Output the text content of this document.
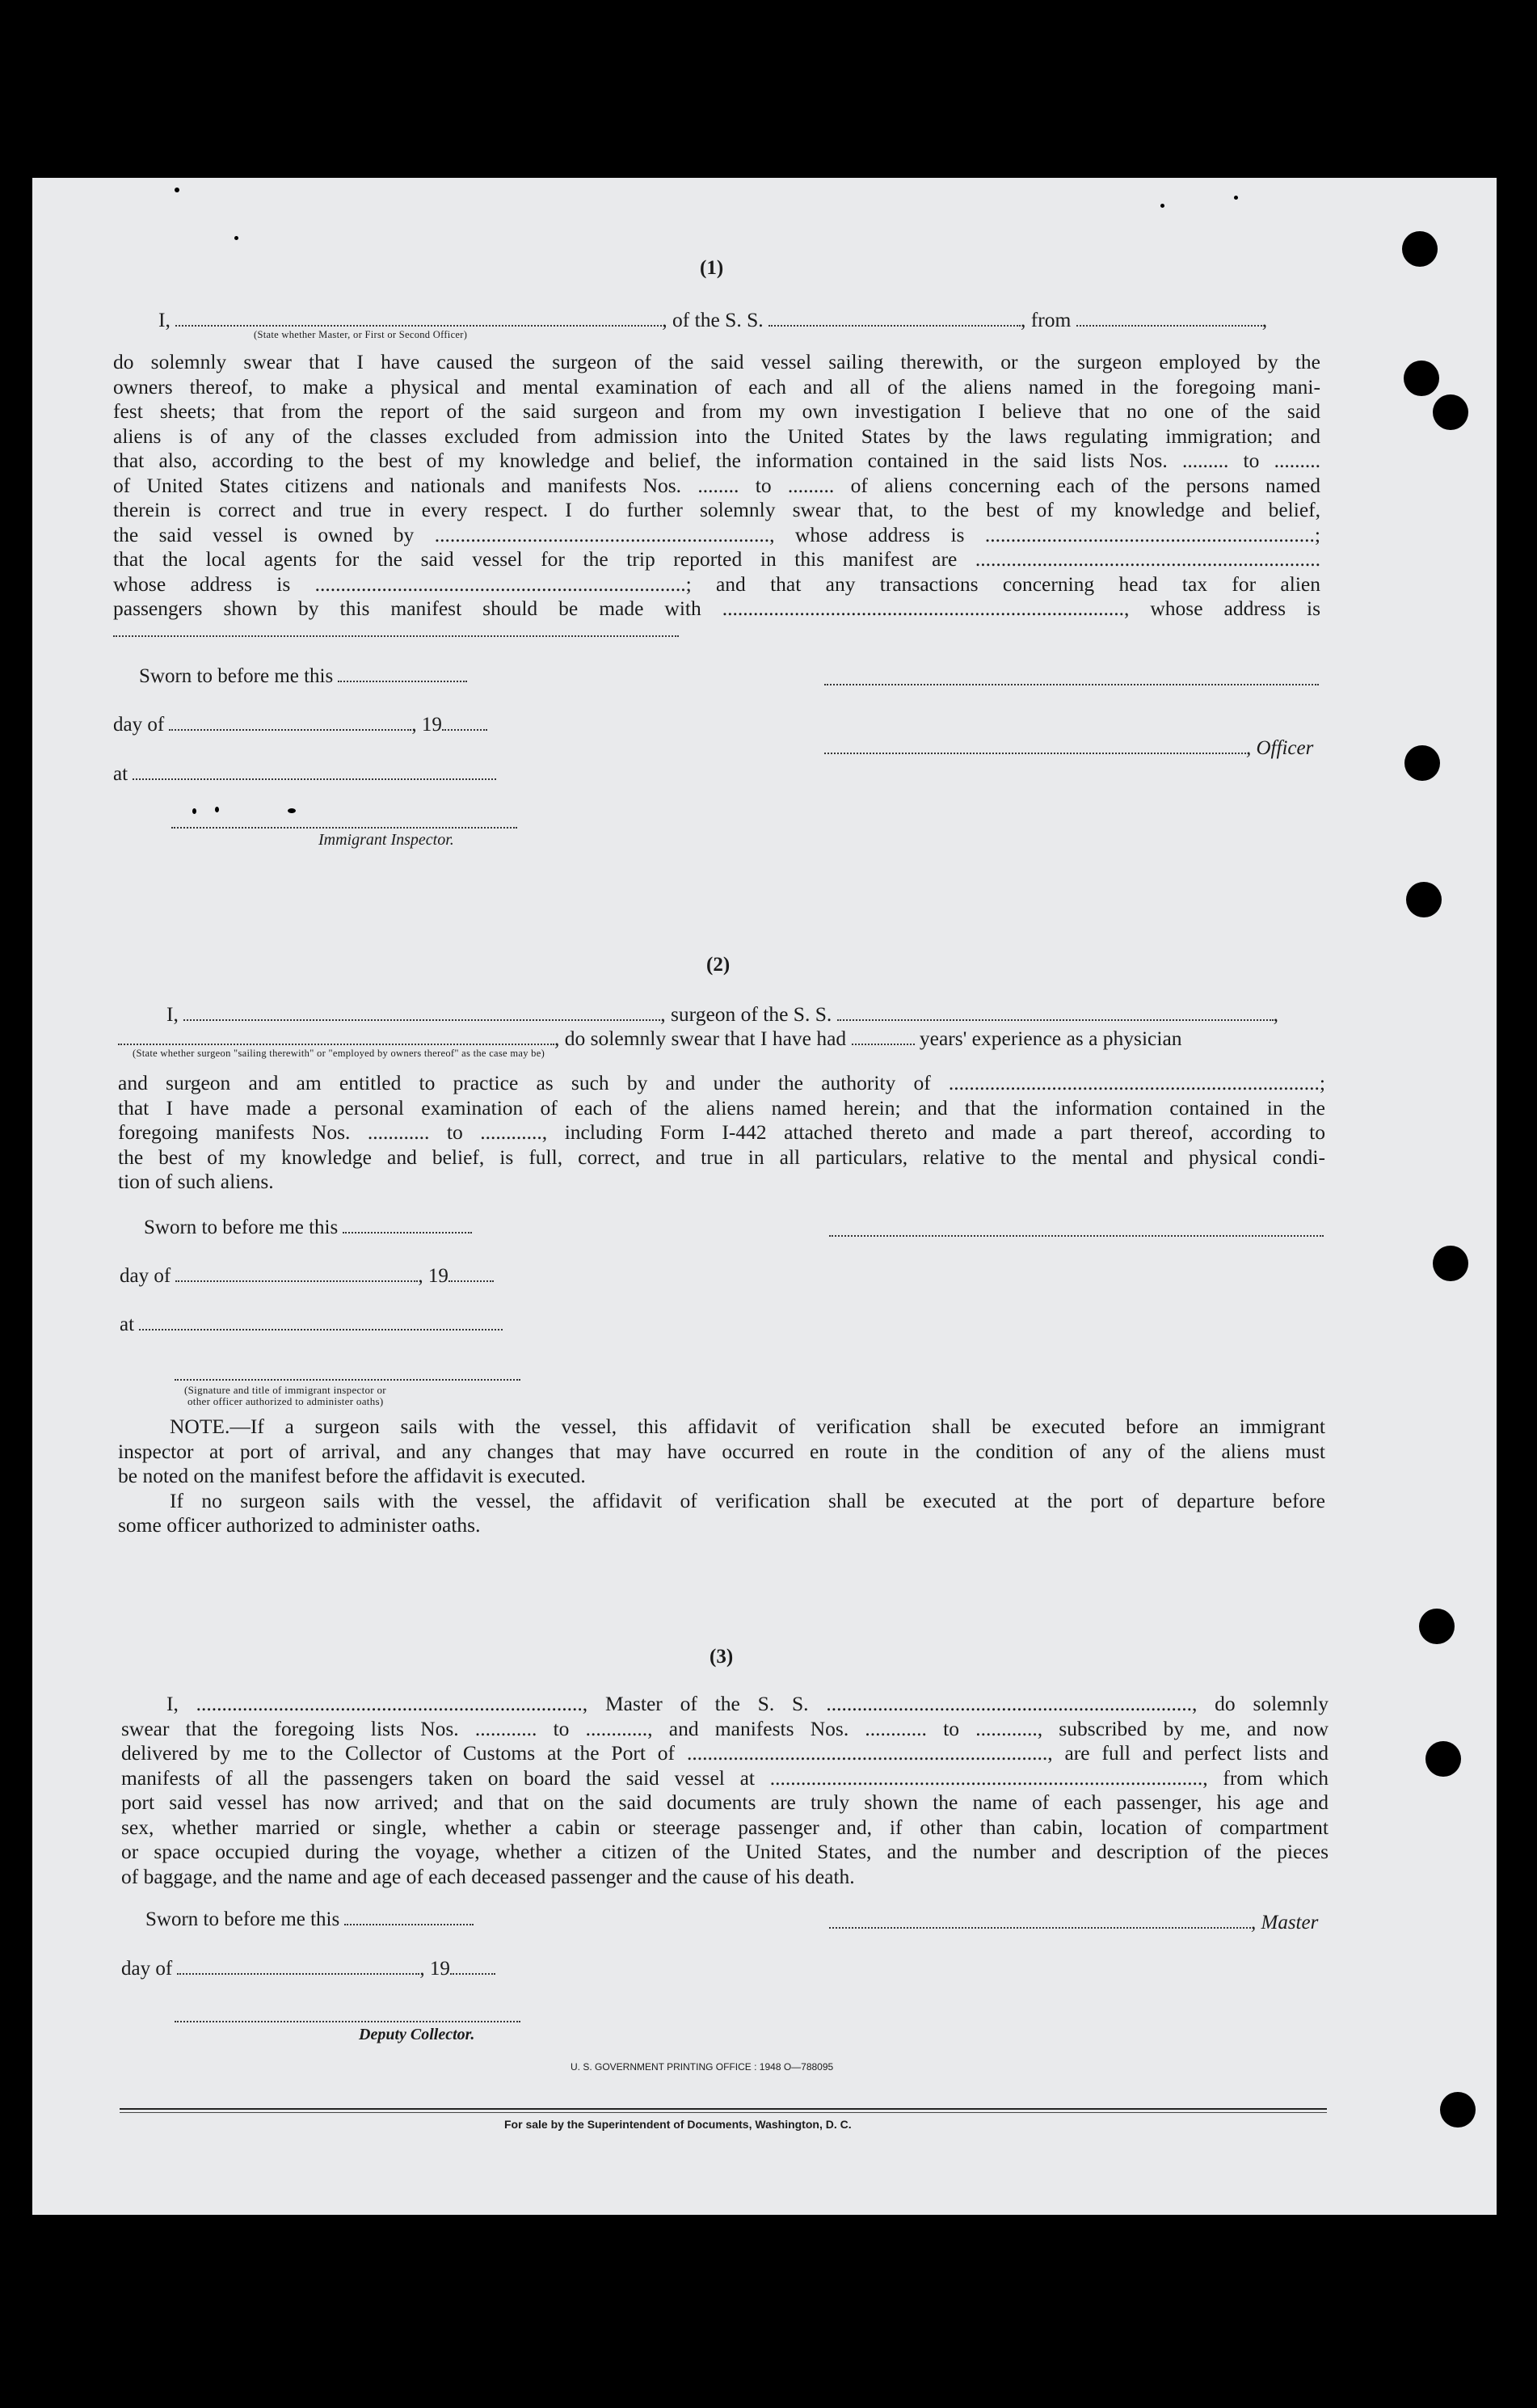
(1)
I,	, of the S. S.	, from	,
(State whether Master, or First or Second Officer)
do solemnly swear that I have caused the surgeon of the said vessel sailing therewith, or the surgeon employed by the
owners thereof, to make a physical and mental examination of each and all of the aliens named in the foregoing mani-
fest sheets; that from the report of the said surgeon and from my own investigation I believe that no one of the said
aliens is of any of the classes excluded from admission into the United States by the laws regulating immigration; and
that also, according to the best of my knowledge and belief, the information contained in the said lists Nos. ......... to .........
of United States citizens and nationals and manifests Nos. ........ to ......... of aliens concerning each of the persons named
therein is correct and true in every respect. I do further solemnly swear that, to the best of my knowledge and belief,
the said vessel is owned by ................................................................., whose address is ................................................................;
that the local agents for the said vessel for the trip reported in this manifest are ...................................................................
whose address is ........................................................................; and that any transactions concerning head tax for alien
passengers shown by this manifest should be made with .............................................................................., whose address is
Sworn to before me this
day of	, 19
, Officer
at
Immigrant Inspector.
(2)
I,	, surgeon of the S. S.	,
, do solemnly swear that I have had	years' experience as a physician
(State whether surgeon "sailing therewith" or "employed by owners thereof" as the case may be)
and surgeon and am entitled to practice as such by and under the authority of ........................................................................;
that I have made a personal examination of each of the aliens named herein; and that the information contained in the
foregoing manifests Nos. ............ to ............, including Form I-442 attached thereto and made a part thereof, according to
the best of my knowledge and belief, is full, correct, and true in all particulars, relative to the mental and physical condi-
tion of such aliens.
Sworn to before me this
day of	, 19
at
(Signature and title of immigrant inspector or
other officer authorized to administer oaths)
NOTE.—If a surgeon sails with the vessel, this affidavit of verification shall be executed before an immigrant
inspector at port of arrival, and any changes that may have occurred en route in the condition of any of the aliens must
be noted on the manifest before the affidavit is executed.
If no surgeon sails with the vessel, the affidavit of verification shall be executed at the port of departure before
some officer authorized to administer oaths.
(3)
I, ..........................................................................., Master of the S. S. ......................................................................., do solemnly
swear that the foregoing lists Nos. ............ to ............, and manifests Nos. ............ to ............, subscribed by me, and now
delivered by me to the Collector of Customs at the Port of ......................................................................, are full and perfect lists and
manifests of all the passengers taken on board the said vessel at ...................................................................................., from which
port said vessel has now arrived; and that on the said documents are truly shown the name of each passenger, his age and
sex, whether married or single, whether a cabin or steerage passenger and, if other than cabin, location of compartment
or space occupied during the voyage, whether a citizen of the United States, and the number and description of the pieces
of baggage, and the name and age of each deceased passenger and the cause of his death.
Sworn to before me this	, Master
day of	, 19
Deputy Collector.
U. S. GOVERNMENT PRINTING OFFICE : 1948 O—788095
For sale by the Superintendent of Documents, Washington, D. C.
